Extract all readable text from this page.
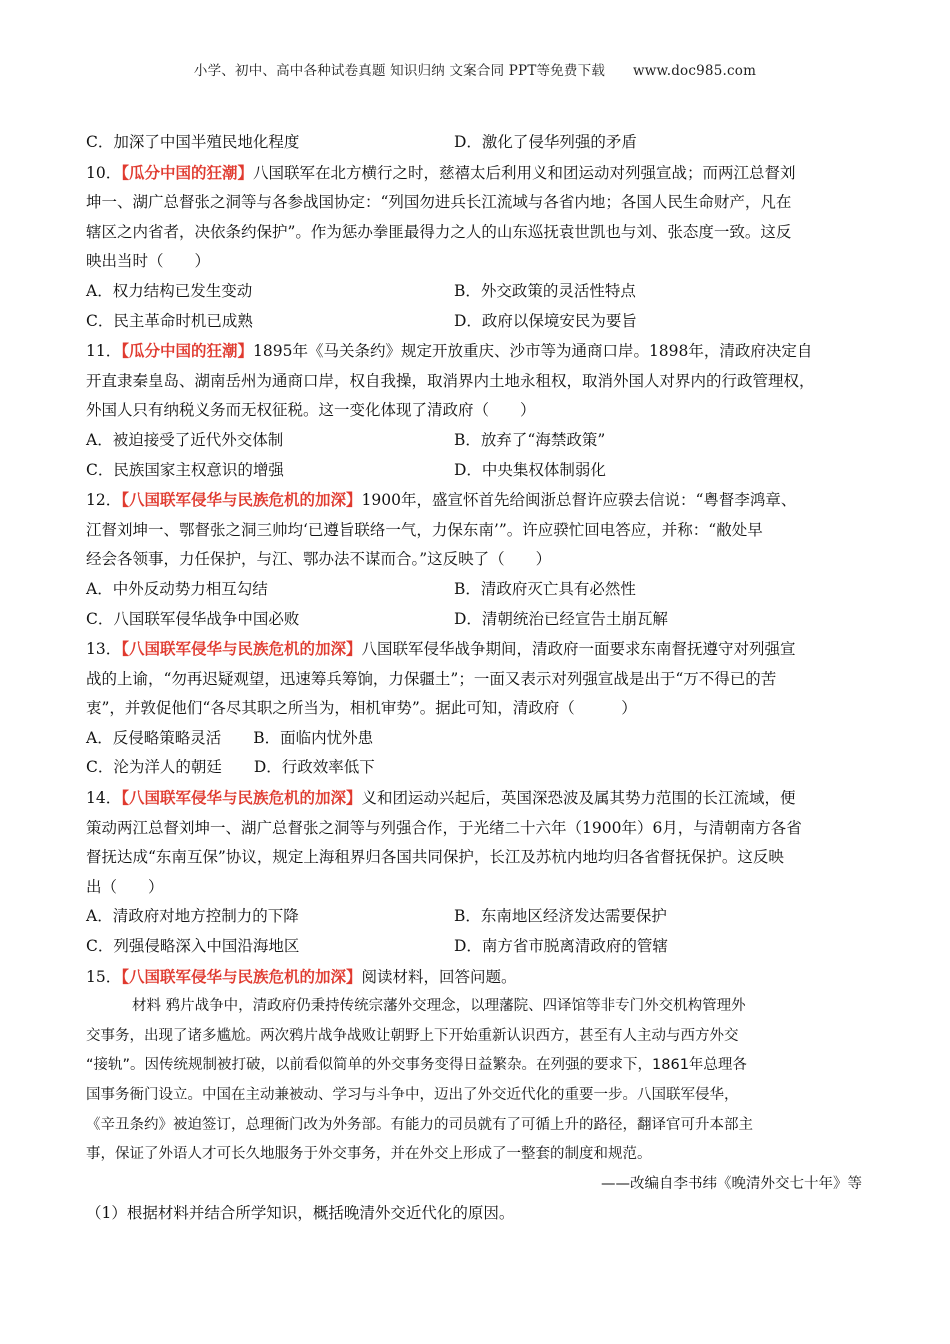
小学、初中、高中各种试卷真题 知识归纳 文案合同 PPT等免费下载 www.doc985.com
C．加深了中国半殖民地化程度	D．激化了侵华列强的矛盾
10．【瓜分中国的狂潮】八国联军在北方横行之时，慈禧太后利用义和团运动对列强宣战；而两江总督刘
坤一、湖广总督张之洞等与各参战国协定：“列国勿进兵长江流域与各省内地；各国人民生命财产，凡在
辖区之内省者，决依条约保护”。作为惩办拳匪最得力之人的山东巡抚袁世凯也与刘、张态度一致。这反
映出当时（　　）
A．权力结构已发生变动	B．外交政策的灵活性特点
C．民主革命时机已成熟	D．政府以保境安民为要旨
11．【瓜分中国的狂潮】1895年《马关条约》规定开放重庆、沙市等为通商口岸。1898年，清政府决定自
开直隶秦皇岛、湖南岳州为通商口岸，权自我操，取消界内土地永租权，取消外国人对界内的行政管理权，
外国人只有纳税义务而无权征税。这一变化体现了清政府（　　）
A．被迫接受了近代外交体制	B．放弃了“海禁政策”
C．民族国家主权意识的增强	D．中央集权体制弱化
12．【八国联军侵华与民族危机的加深】1900年，盛宣怀首先给闽浙总督许应骙去信说：“粤督李鸿章、
江督刘坤一、鄂督张之洞三帅均‘已遵旨联络一气，力保东南’”。许应骙忙回电答应，并称：“敝处早
经会各领事，力任保护，与江、鄂办法不谋而合。”这反映了（　　）
A．中外反动势力相互勾结	B．清政府灭亡具有必然性
C．八国联军侵华战争中国必败	D．清朝统治已经宣告土崩瓦解
13．【八国联军侵华与民族危机的加深】八国联军侵华战争期间，清政府一面要求东南督抚遵守对列强宣
战的上谕，“勿再迟疑观望，迅速筹兵筹饷，力保疆土”；一面又表示对列强宣战是出于“万不得已的苦
衷”，并敦促他们“各尽其职之所当为，相机审势”。据此可知，清政府（　　　）
A．反侵略策略灵活 B．面临内忧外患
C．沦为洋人的朝廷 D．行政效率低下
14．【八国联军侵华与民族危机的加深】义和团运动兴起后，英国深恐波及属其势力范围的长江流域，便
策动两江总督刘坤一、湖广总督张之洞等与列强合作，于光绪二十六年（1900年）6月，与清朝南方各省
督抚达成“东南互保”协议，规定上海租界归各国共同保护，长江及苏杭内地均归各省督抚保护。这反映
出（　　）
A．清政府对地方控制力的下降	B．东南地区经济发达需要保护
C．列强侵略深入中国沿海地区	D．南方省市脱离清政府的管辖
15．【八国联军侵华与民族危机的加深】阅读材料，回答问题。
材料 鸦片战争中，清政府仍秉持传统宗藩外交理念，以理藩院、四译馆等非专门外交机构管理外
交事务，出现了诸多尴尬。两次鸦片战争战败让朝野上下开始重新认识西方，甚至有人主动与西方外交
“接轨”。因传统规制被打破，以前看似简单的外交事务变得日益繁杂。在列强的要求下，1861年总理各
国事务衙门设立。中国在主动兼被动、学习与斗争中，迈出了外交近代化的重要一步。八国联军侵华，
《辛丑条约》被迫签订，总理衙门改为外务部。有能力的司员就有了可循上升的路径，翻译官可升本部主
事，保证了外语人才可长久地服务于外交事务，并在外交上形成了一整套的制度和规范。
——改编自李书纬《晚清外交七十年》等
（1）根据材料并结合所学知识，概括晚清外交近代化的原因。
